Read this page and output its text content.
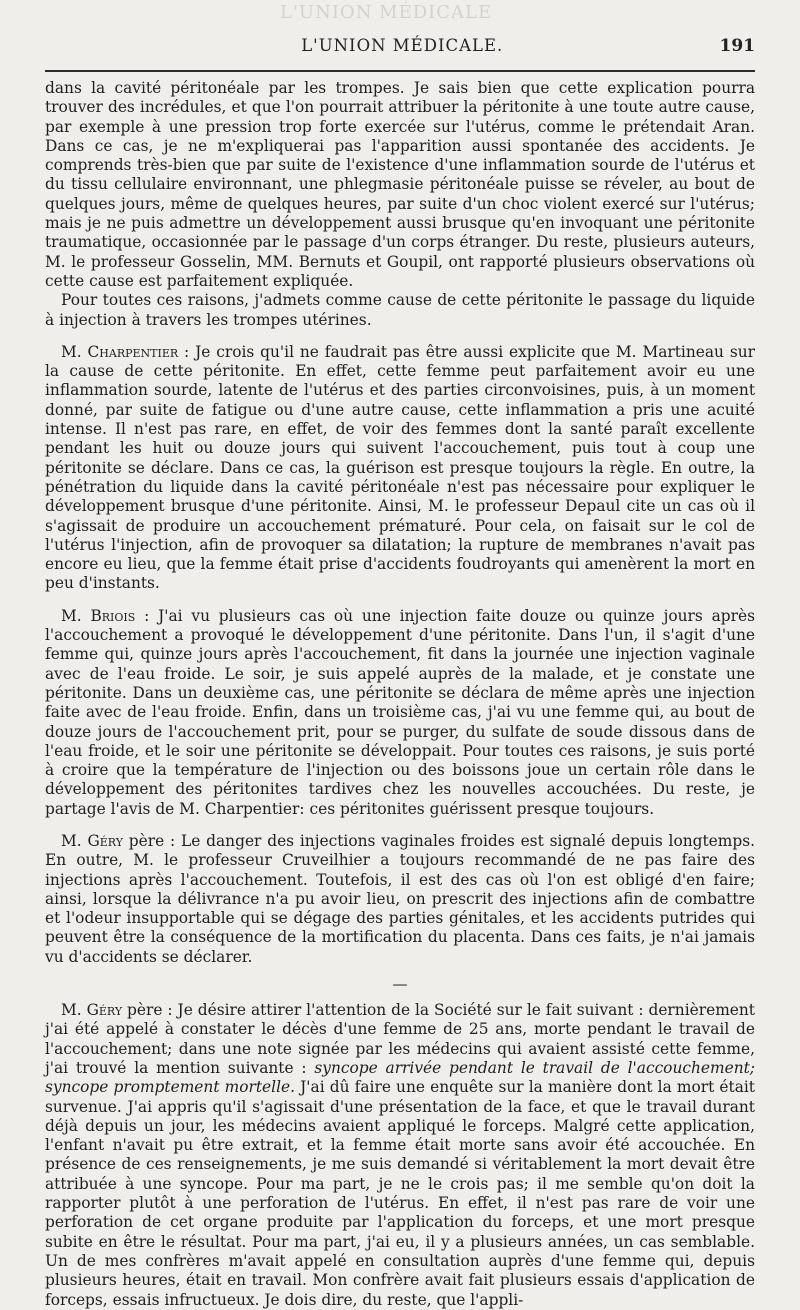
L'UNION MÉDICALE
L'UNION MÉDICALE.	191

dans la cavité péritonéale par les trompes. Je sais bien que cette explication pourra trouver des incrédules, et que l'on pourrait attribuer la péritonite à une toute autre cause, par exemple à une pression trop forte exercée sur l'utérus, comme le prétendait Aran. Dans ce cas, je ne m'expliquerai pas l'apparition aussi spontanée des accidents. Je comprends très-bien que par suite de l'existence d'une inflammation sourde de l'utérus et du tissu cellulaire environnant, une phlegmasie péritonéale puisse se réveler, au bout de quelques jours, même de quelques heures, par suite d'un choc violent exercé sur l'utérus; mais je ne puis admettre un développement aussi brusque qu'en invoquant une péritonite traumatique, occasionnée par le passage d'un corps étranger. Du reste, plusieurs auteurs, M. le professeur Gosselin, MM. Bernuts et Goupil, ont rapporté plusieurs observations où cette cause est parfaitement expliquée.

Pour toutes ces raisons, j'admets comme cause de cette péritonite le passage du liquide à injection à travers les trompes utérines.

M. Charpentier : Je crois qu'il ne faudrait pas être aussi explicite que M. Martineau sur la cause de cette péritonite. En effet, cette femme peut parfaitement avoir eu une inflammation sourde, latente de l'utérus et des parties circonvoisines, puis, à un moment donné, par suite de fatigue ou d'une autre cause, cette inflammation a pris une acuité intense. Il n'est pas rare, en effet, de voir des femmes dont la santé paraît excellente pendant les huit ou douze jours qui suivent l'accouchement, puis tout à coup une péritonite se déclare. Dans ce cas, la guérison est presque toujours la règle. En outre, la pénétration du liquide dans la cavité péritonéale n'est pas nécessaire pour expliquer le développement brusque d'une péritonite. Ainsi, M. le professeur Depaul cite un cas où il s'agissait de produire un accouchement prématuré. Pour cela, on faisait sur le col de l'utérus l'injection, afin de provoquer sa dilatation; la rupture de membranes n'avait pas encore eu lieu, que la femme était prise d'accidents foudroyants qui amenèrent la mort en peu d'instants.

M. Briois : J'ai vu plusieurs cas où une injection faite douze ou quinze jours après l'accouchement a provoqué le développement d'une péritonite. Dans l'un, il s'agit d'une femme qui, quinze jours après l'accouchement, fit dans la journée une injection vaginale avec de l'eau froide. Le soir, je suis appelé auprès de la malade, et je constate une péritonite. Dans un deuxième cas, une péritonite se déclara de même après une injection faite avec de l'eau froide. Enfin, dans un troisième cas, j'ai vu une femme qui, au bout de douze jours de l'accouchement prit, pour se purger, du sulfate de soude dissous dans de l'eau froide, et le soir une péritonite se développait. Pour toutes ces raisons, je suis porté à croire que la température de l'injection ou des boissons joue un certain rôle dans le développement des péritonites tardives chez les nouvelles accouchées. Du reste, je partage l'avis de M. Charpentier: ces péritonites guérissent presque toujours.

M. Géry père : Le danger des injections vaginales froides est signalé depuis longtemps. En outre, M. le professeur Cruveilhier a toujours recommandé de ne pas faire des injections après l'accouchement. Toutefois, il est des cas où l'on est obligé d'en faire; ainsi, lorsque la délivrance n'a pu avoir lieu, on prescrit des injections afin de combattre et l'odeur insupportable qui se dégage des parties génitales, et les accidents putrides qui peuvent être la conséquence de la mortification du placenta. Dans ces faits, je n'ai jamais vu d'accidents se déclarer.

—

M. Géry père : Je désire attirer l'attention de la Société sur le fait suivant : dernièrement j'ai été appelé à constater le décès d'une femme de 25 ans, morte pendant le travail de l'accouchement; dans une note signée par les médecins qui avaient assisté cette femme, j'ai trouvé la mention suivante : syncope arrivée pendant le travail de l'accouchement; syncope promptement mortelle. J'ai dû faire une enquête sur la manière dont la mort était survenue. J'ai appris qu'il s'agissait d'une présentation de la face, et que le travail durant déjà depuis un jour, les médecins avaient appliqué le forceps. Malgré cette application, l'enfant n'avait pu être extrait, et la femme était morte sans avoir été accouchée. En présence de ces renseignements, je me suis demandé si véritablement la mort devait être attribuée à une syncope. Pour ma part, je ne le crois pas; il me semble qu'on doit la rapporter plutôt à une perforation de l'utérus. En effet, il n'est pas rare de voir une perforation de cet organe produite par l'application du forceps, et une mort presque subite en être le résultat. Pour ma part, j'ai eu, il y a plusieurs années, un cas semblable. Un de mes confrères m'avait appelé en consultation auprès d'une femme qui, depuis plusieurs heures, était en travail. Mon confrère avait fait plusieurs essais d'application de forceps, essais infructueux. Je dois dire, du reste, que l'appli-
